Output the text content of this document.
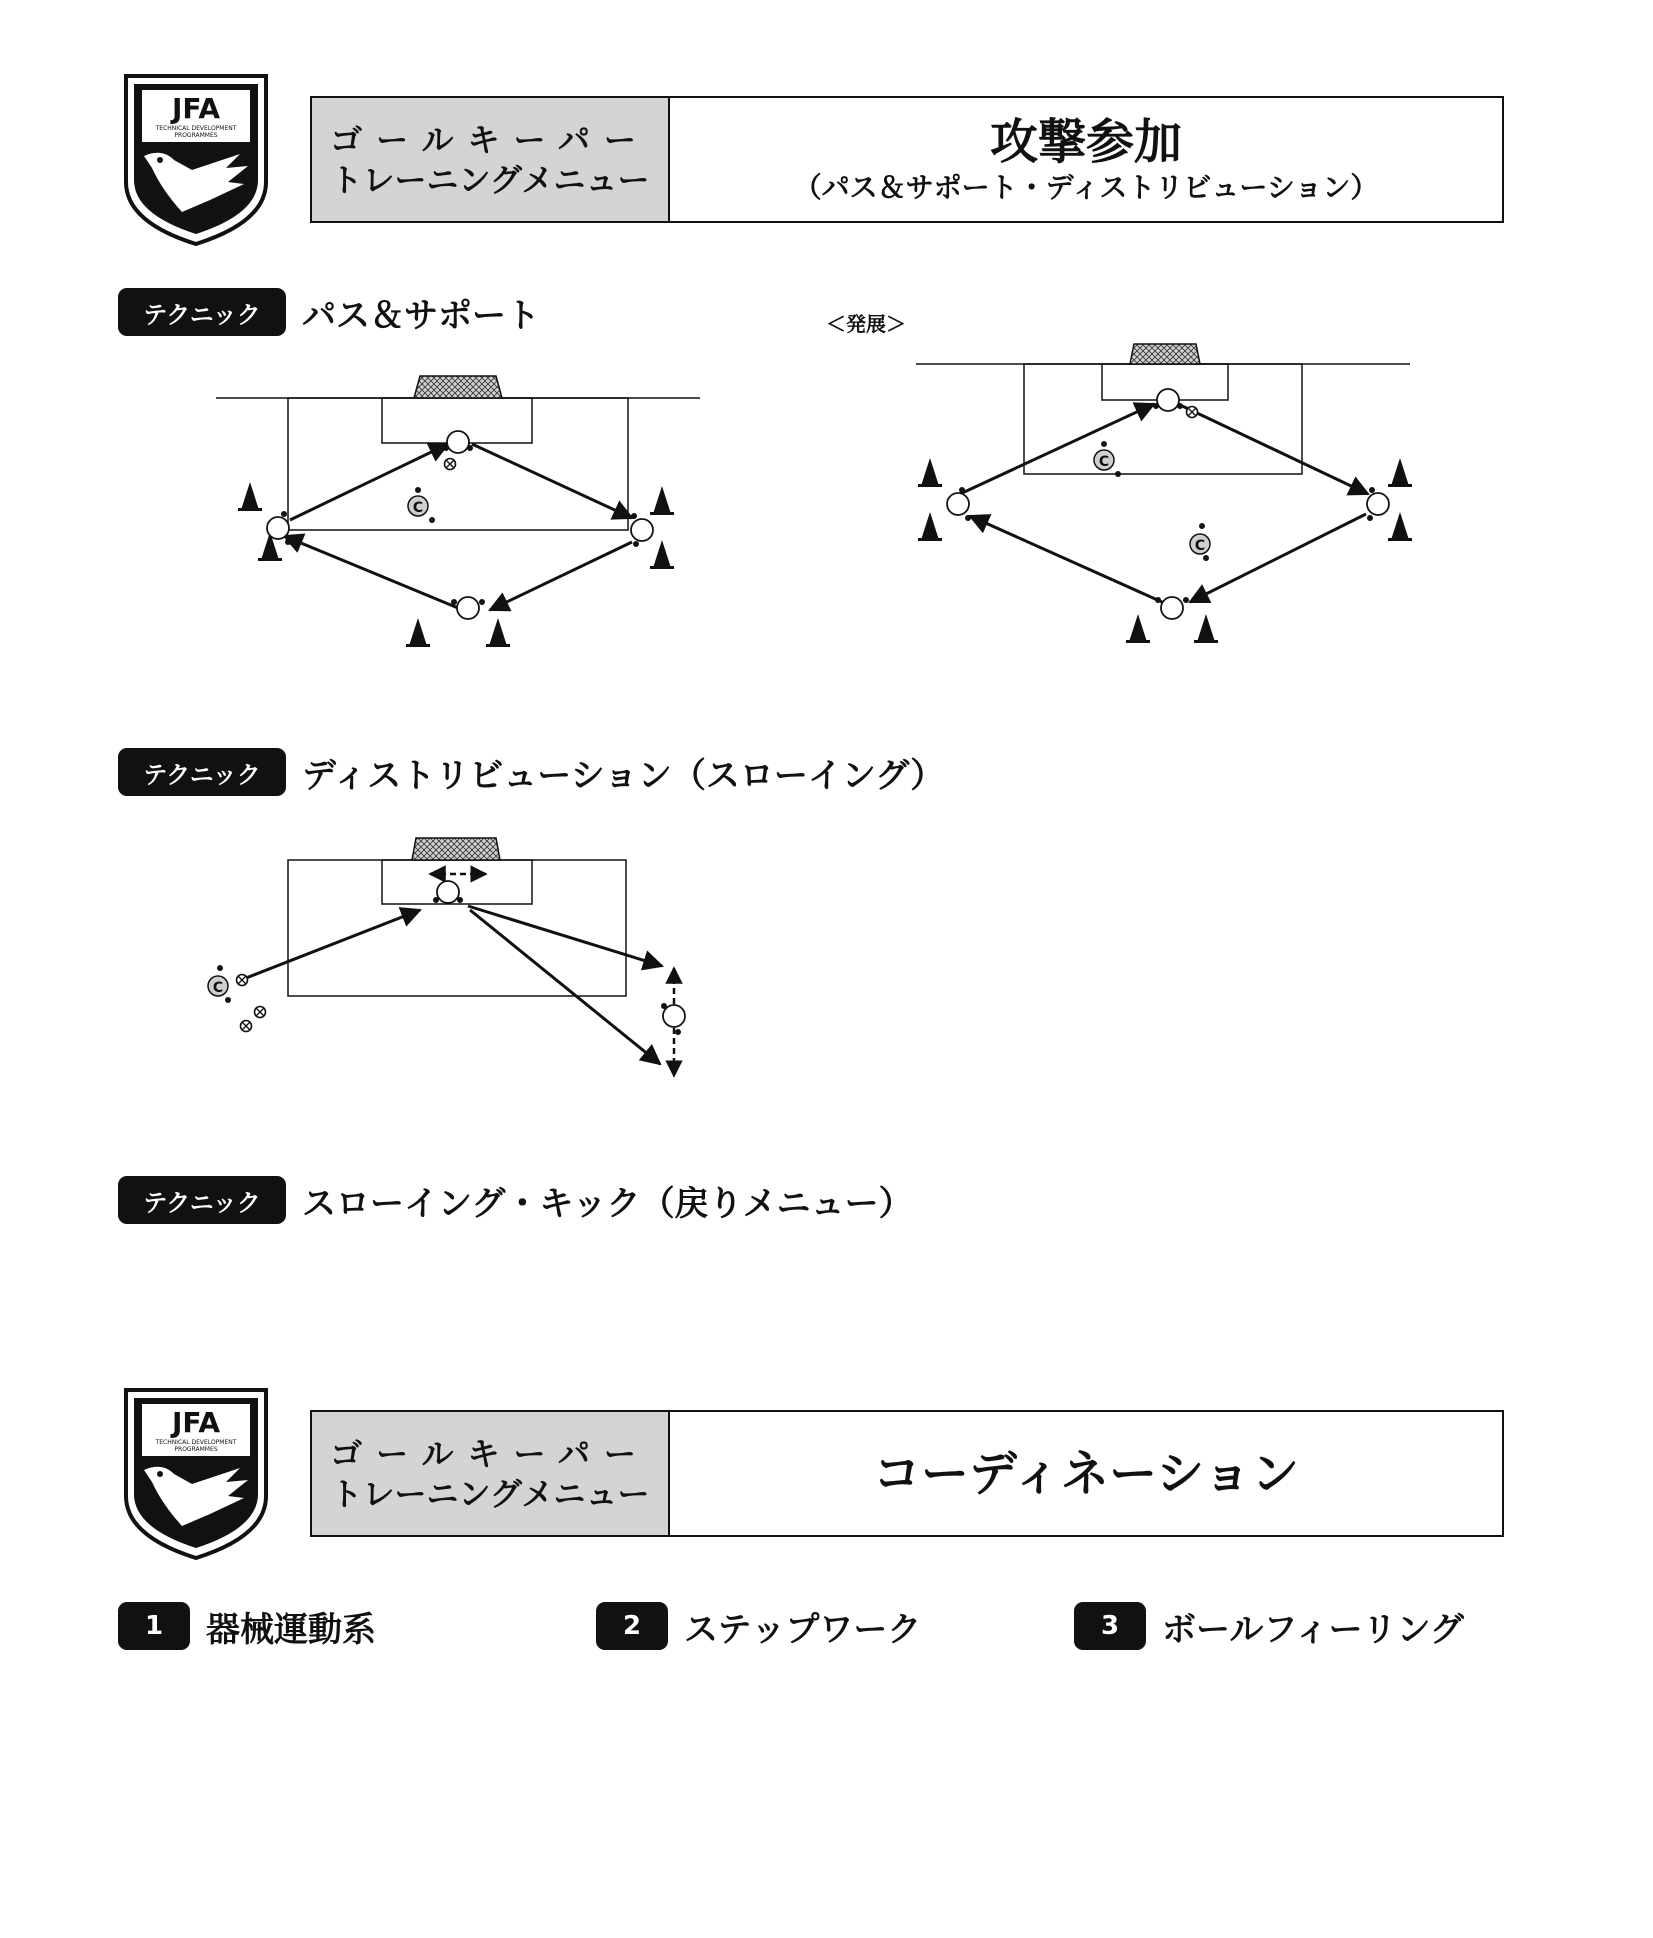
JFA
TECHNICAL DEVELOPMENT
PROGRAMMES	ゴールキーパー
トレーニングメニュー
攻撃参加
（パス＆サポート・ディストリビューション）
テクニック	パス＆サポート	＜発展＞
C
C
C
テクニック	ディストリビューション（スローイング）
C
テクニック	スローイング・キック（戻りメニュー）
JFA
TECHNICAL DEVELOPMENT
PROGRAMMES	ゴールキーパー
トレーニングメニュー	コーディネーション
1	器械運動系	2	ステップワーク	3	ボールフィーリング
